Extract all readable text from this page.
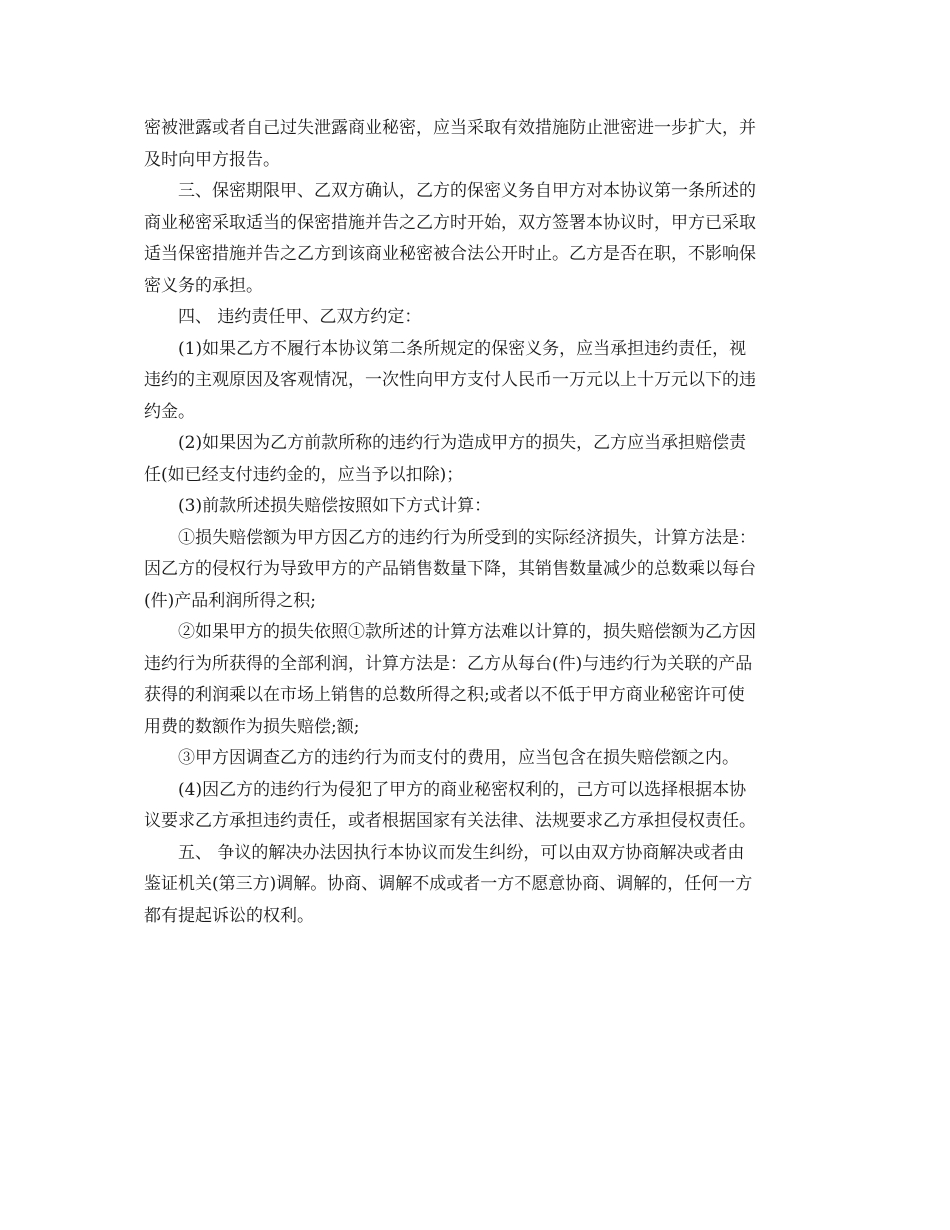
密被泄露或者自己过失泄露商业秘密，应当采取有效措施防止泄密进一步扩大，并
及时向甲方报告。
三、保密期限甲、乙双方确认，乙方的保密义务自甲方对本协议第一条所述的
商业秘密采取适当的保密措施并告之乙方时开始，双方签署本协议时，甲方已采取
适当保密措施并告之乙方到该商业秘密被合法公开时止。乙方是否在职，不影响保
密义务的承担。
四、 违约责任甲、乙双方约定：
(1)如果乙方不履行本协议第二条所规定的保密义务，应当承担违约责任，视
违约的主观原因及客观情况，一次性向甲方支付人民币一万元以上十万元以下的违
约金。
(2)如果因为乙方前款所称的违约行为造成甲方的损失，乙方应当承担赔偿责
任(如已经支付违约金的，应当予以扣除)；
(3)前款所述损失赔偿按照如下方式计算：
①损失赔偿额为甲方因乙方的违约行为所受到的实际经济损失，计算方法是：
因乙方的侵权行为导致甲方的产品销售数量下降，其销售数量减少的总数乘以每台
(件)产品利润所得之积;
②如果甲方的损失依照①款所述的计算方法难以计算的，损失赔偿额为乙方因
违约行为所获得的全部利润，计算方法是：乙方从每台(件)与违约行为关联的产品
获得的利润乘以在市场上销售的总数所得之积;或者以不低于甲方商业秘密许可使
用费的数额作为损失赔偿;额;
③甲方因调查乙方的违约行为而支付的费用，应当包含在损失赔偿额之内。
(4)因乙方的违约行为侵犯了甲方的商业秘密权利的，己方可以选择根据本协
议要求乙方承担违约责任，或者根据国家有关法律、法规要求乙方承担侵权责任。
五、 争议的解决办法因执行本协议而发生纠纷，可以由双方协商解决或者由
鉴证机关(第三方)调解。协商、调解不成或者一方不愿意协商、调解的，任何一方
都有提起诉讼的权利。
